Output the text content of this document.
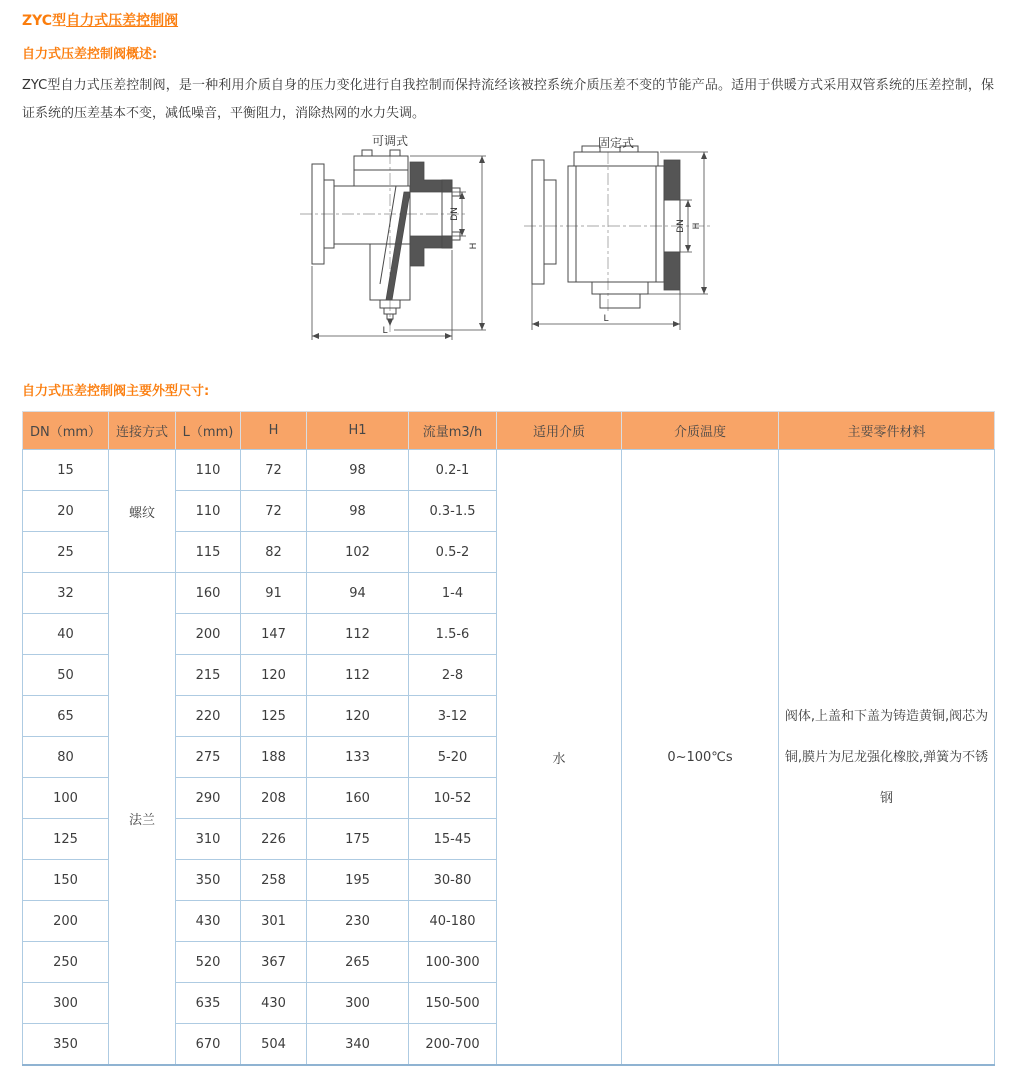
ZYC型自力式压差控制阀
自力式压差控制阀概述:

ZYC型自力式压差控制阀，是一种利用介质自身的压力变化进行自我控制而保持流经该被控系统介质压差不变的节能产品。适用于供暖方式采用双管系统的压差控制，保证系统的压差基本不变，减低噪音，平衡阻力，消除热网的水力失调。

可调式
DN
H
L
固定式
DN H
L
自力式压差控制阀主要外型尺寸:
DN（mm）	连接方式	L（mm)	H	H1	流量m3/h	适用介质	介质温度	主要零件材料
15	螺纹	110	72	98	0.2-1	水	0~100℃s	阀体,上盖和下盖为铸造黄铜,阀芯为铜,膜片为尼龙强化橡胶,弹簧为不锈钢
20		110	72	98	0.3-1.5			
25		115	82	102	0.5-2			
32	法兰	160	91	94	1-4			
40		200	147	112	1.5-6			
50		215	120	112	2-8			
65		220	125	120	3-12			
80		275	188	133	5-20			
100		290	208	160	10-52			
125		310	226	175	15-45			
150		350	258	195	30-80			
200		430	301	230	40-180			
250		520	367	265	100-300			
300		635	430	300	150-500			
350		670	504	340	200-700			
